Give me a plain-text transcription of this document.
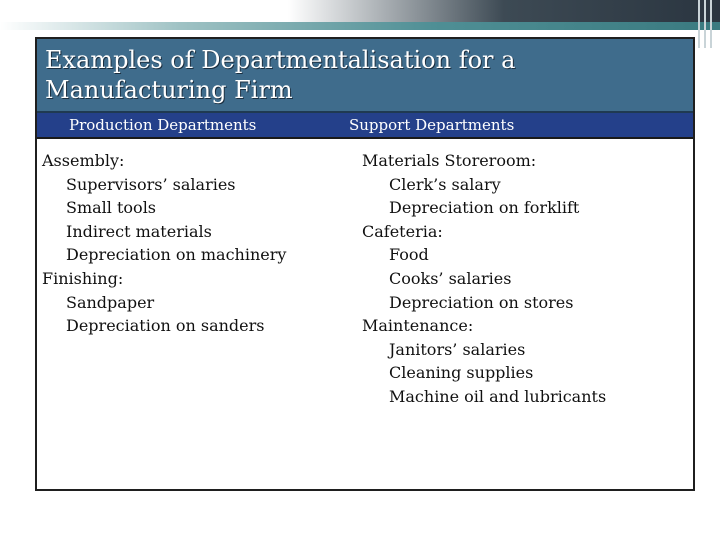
Examples of Departmentalisation for a Manufacturing Firm
Production Departments	Support Departments
Assembly:
Supervisors’ salaries
Small tools
Indirect materials
Depreciation on machinery
Finishing:
Sandpaper
Depreciation on sanders
Materials Storeroom:
Clerk’s salary
Depreciation on forklift
Cafeteria:
Food
Cooks’ salaries
Depreciation on stores
Maintenance:
Janitors’ salaries
Cleaning supplies
Machine oil and lubricants
